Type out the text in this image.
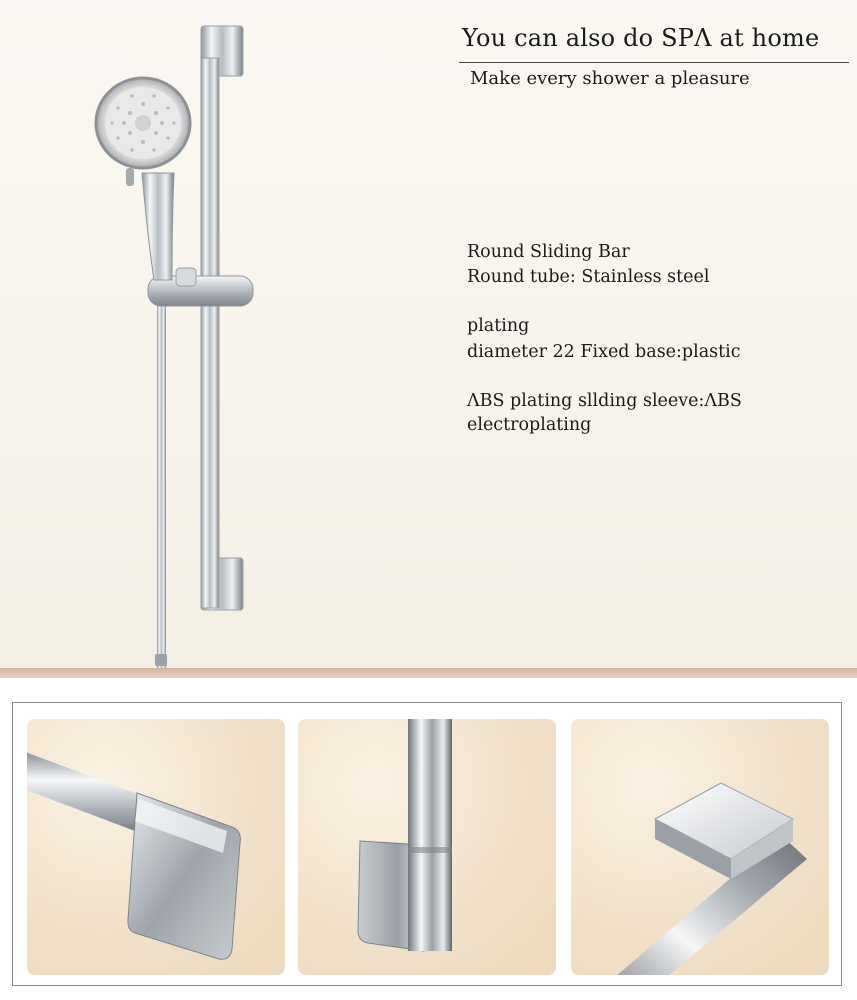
You can also do SPΛ at home
Make every shower a pleasure
Round Sliding Bar
Round tube: Stainless steel
plating
diameter 22 Fixed base:plastic
ΛBS plating sllding sleeve:ΛBS
electroplating
